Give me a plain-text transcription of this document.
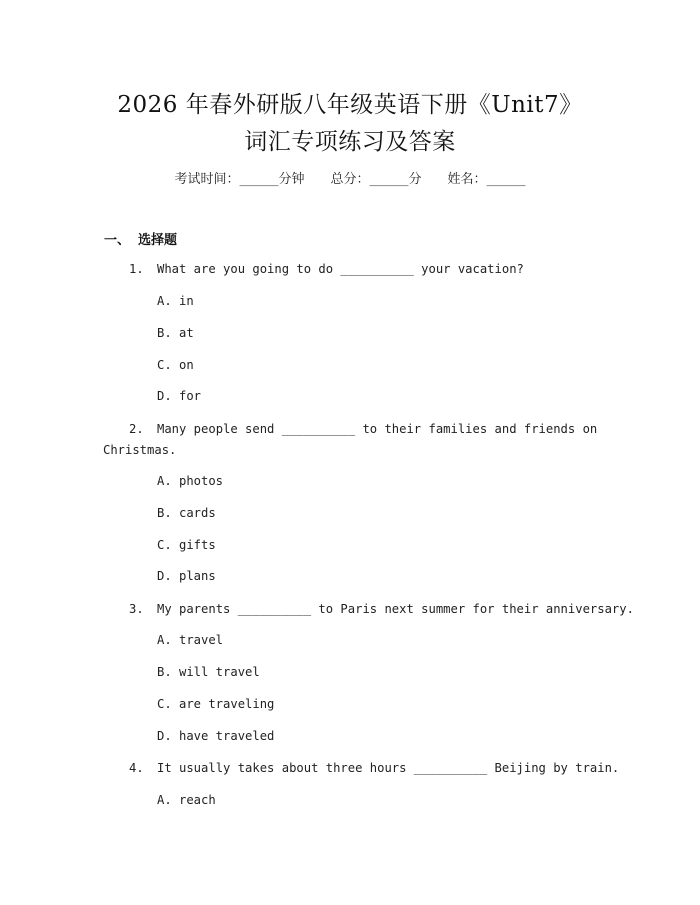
2026 年春外研版八年级英语下册《Unit7》
词汇专项练习及答案
考试时间：______分钟 总分：______分 姓名：______
一、 选择题
1. What are you going to do __________ your vacation?
A. in
B. at
C. on
D. for
2. Many people send __________ to their families and friends on
Christmas.
A. photos
B. cards
C. gifts
D. plans
3. My parents __________ to Paris next summer for their anniversary.
A. travel
B. will travel
C. are traveling
D. have traveled
4. It usually takes about three hours __________ Beijing by train.
A. reach
